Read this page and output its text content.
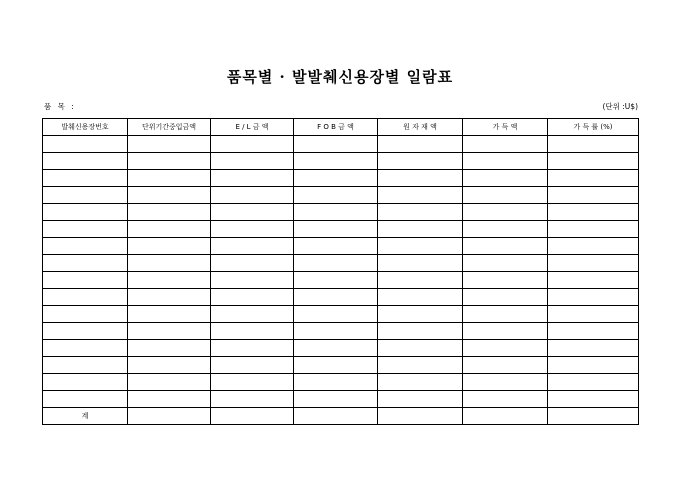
품목별 · 발발췌신용장별 일람표
품 목 :	(단위 :U$)
발췌신용장번호	단위기간중입금액	E / L 금 액	F O B 금 액	원 자 재 액	가 득 액	가 득 률 (%)

계						
